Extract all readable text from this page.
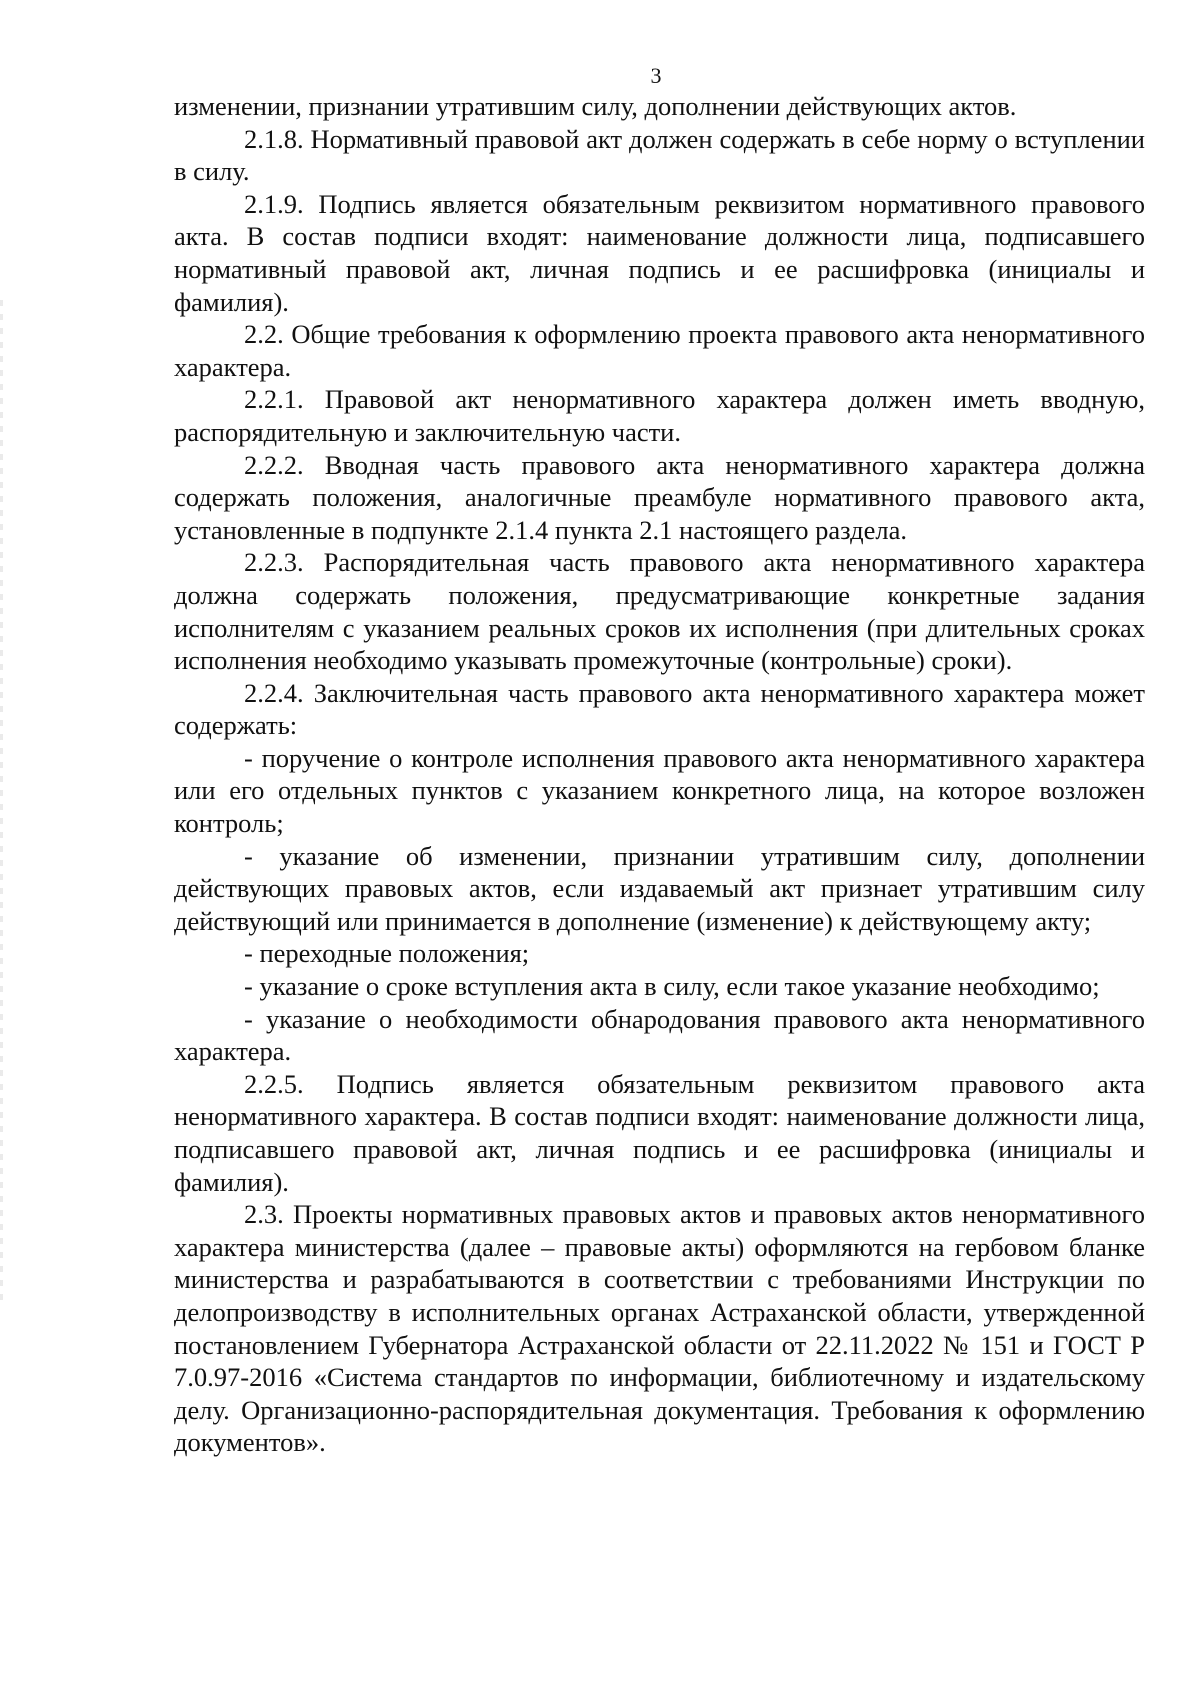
3

изменении, признании утратившим силу, дополнении действующих актов.

2.1.8. Нормативный правовой акт должен содержать в себе норму о вступлении в силу.

2.1.9. Подпись является обязательным реквизитом нормативного правового акта. В состав подписи входят: наименование должности лица, подписавшего нормативный правовой акт, личная подпись и ее расшифровка (инициалы и фамилия).

2.2. Общие требования к оформлению проекта правового акта ненормативного характера.

2.2.1. Правовой акт ненормативного характера должен иметь вводную, распорядительную и заключительную части.

2.2.2. Вводная часть правового акта ненормативного характера должна содержать положения, аналогичные преамбуле нормативного правового акта, установленные в подпункте 2.1.4 пункта 2.1 настоящего раздела.

2.2.3. Распорядительная часть правового акта ненормативного характера должна содержать положения, предусматривающие конкретные задания исполнителям с указанием реальных сроков их исполнения (при длительных сроках исполнения необходимо указывать промежуточные (контрольные) сроки).

2.2.4. Заключительная часть правового акта ненормативного характера может содержать:

- поручение о контроле исполнения правового акта ненормативного характера или его отдельных пунктов с указанием конкретного лица, на которое возложен контроль;

- указание об изменении, признании утратившим силу, дополнении действующих правовых актов, если издаваемый акт признает утратившим силу действующий или принимается в дополнение (изменение) к действующему акту;

- переходные положения;

- указание о сроке вступления акта в силу, если такое указание необходимо;

- указание о необходимости обнародования правового акта ненормативного характера.

2.2.5. Подпись является обязательным реквизитом правового акта ненормативного характера. В состав подписи входят: наименование должности лица, подписавшего правовой акт, личная подпись и ее расшифровка (инициалы и фамилия).

2.3. Проекты нормативных правовых актов и правовых актов ненормативного характера министерства (далее – правовые акты) оформляются на гербовом бланке министерства и разрабатываются в соответствии с требованиями Инструкции по делопроизводству в исполнительных органах Астраханской области, утвержденной постановлением Губернатора Астраханской области от 22.11.2022 № 151 и ГОСТ Р 7.0.97-2016 «Система стандартов по информации, библиотечному и издательскому делу. Организационно-распорядительная документация. Требования к оформлению документов».
